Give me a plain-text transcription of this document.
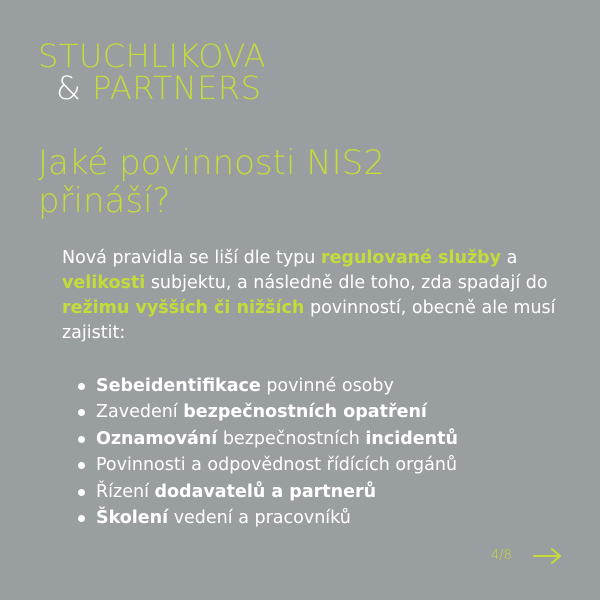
STUCHLIKOVA
& PARTNERS
Jaké povinnosti NIS2
přináší?

Nová pravidla se liší dle typu regulované služby a velikosti subjektu, a následně dle toho, zda spadají do režimu vyšších či nižších povinností, obecně ale musí zajistit:

Sebeidentifikace povinné osoby
Zavedení bezpečnostních opatření
Oznamování bezpečnostních incidentů
Povinnosti a odpovědnost řídících orgánů
Řízení dodavatelů a partnerů
Školení vedení a pracovníků
4/8
